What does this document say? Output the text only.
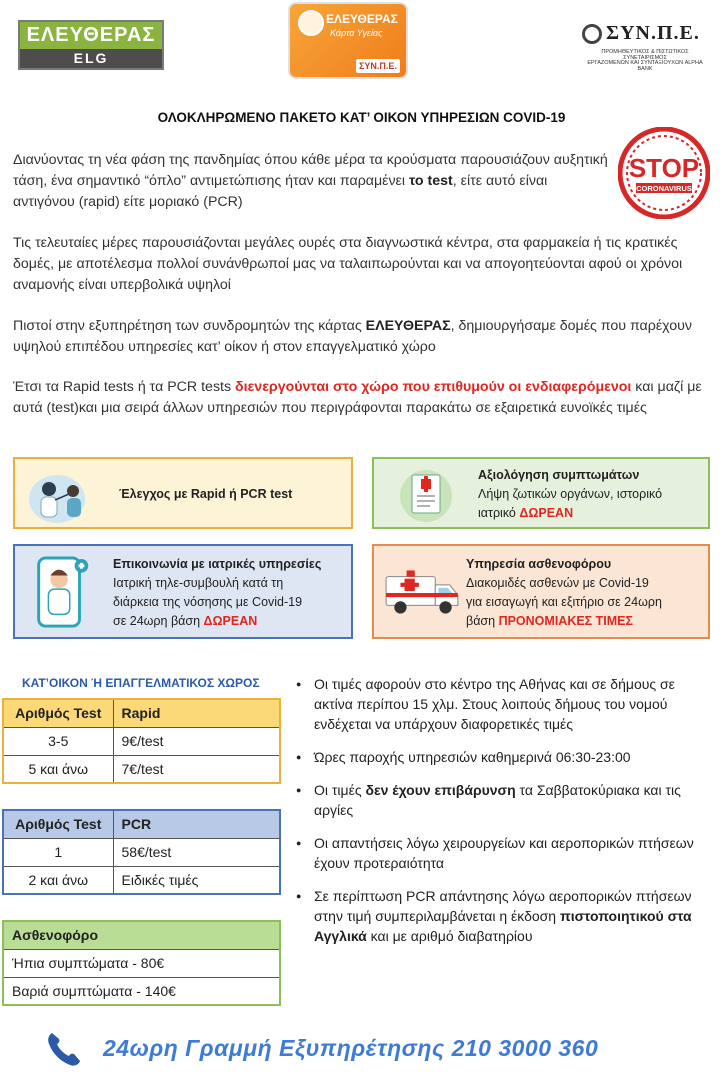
ΕΛΕΥΘΕΡΑΣ
ELG
ΕΛΕΥΘΕΡΑΣ
Κάρτα Υγείας
ΣΥΝ.Π.Ε.
ΣΥΝ.Π.Ε.
ΠΡΟΜΗΘΕΥΤΙΚΟΣ & ΠΙΣΤΩΤΙΚΟΣ ΣΥΝΕΤΑΙΡΙΣΜΟΣ
ΕΡΓΑΖΟΜΕΝΩΝ ΚΑΙ ΣΥΝΤΑΞΙΟΥΧΩΝ ALPHA BANK
ΟΛΟΚΛΗΡΩΜΕΝΟ ΠΑΚΕΤΟ ΚΑΤ’ ΟΙΚΟΝ ΥΠΗΡΕΣΙΩΝ COVID-19
STOP
CORONAVIRUS
Διανύοντας τη νέα φάση της πανδημίας όπου κάθε μέρα τα κρούσματα παρουσιάζουν αυξητική τάση, ένα σημαντικό “όπλο” αντιμετώπισης ήταν και παραμένει το test, είτε αυτό είναι αντιγόνου (rapid) είτε μοριακό (PCR)
Τις τελευταίες μέρες παρουσιάζονται μεγάλες ουρές στα διαγνωστικά κέντρα, στα φαρμακεία ή τις κρατικές δομές, με αποτέλεσμα πολλοί συνάνθρωποί μας να ταλαιπωρούνται και να απογοητεύονται αφού οι χρόνοι αναμονής είναι υπερβολικά υψηλοί
Πιστοί στην εξυπηρέτηση των συνδρομητών της κάρτας ΕΛΕΥΘΕΡΑΣ, δημιουργήσαμε δομές που παρέχουν υψηλού επιπέδου υπηρεσίες κατ’ οίκον ή στον επαγγελματικό χώρο
Έτσι τα Rapid tests ή τα PCR tests διενεργούνται στο χώρο που επιθυμούν οι ενδιαφερόμενοι και μαζί με αυτά (test)και μια σειρά άλλων υπηρεσιών που περιγράφονται παρακάτω σε εξαιρετικά ευνοϊκές τιμές
Έλεγχος με Rapid ή PCR test
Αξιολόγηση συμπτωμάτων
Λήψη ζωτικών οργάνων, ιστορικό
ιατρικό ΔΩΡΕΑΝ
Επικοινωνία με ιατρικές υπηρεσίες
Ιατρική τηλε-συμβουλή κατά τη
διάρκεια της νόσησης με Covid-19
σε 24ωρη βάση ΔΩΡΕΑΝ
Υπηρεσία ασθενοφόρου
Διακομιδές ασθενών με Covid-19
για εισαγωγή και εξιτήριο σε 24ωρη
βάση ΠΡΟΝΟΜΙΑΚΕΣ ΤΙΜΕΣ
ΚΑΤ’ΟΙΚΟΝ Ή ΕΠΑΓΓΕΛΜΑΤΙΚΟΣ ΧΩΡΟΣ
Αριθμός Test	Rapid
3-5	9€/test
5 και άνω	7€/test
Αριθμός Test	PCR
1	58€/test
2 και άνω	Ειδικές τιμές
Ασθενοφόρο
Ήπια συμπτώματα - 80€
Βαριά συμπτώματα - 140€
● Οι τιμές αφορούν στο κέντρο της Αθήνας και σε δήμους σε ακτίνα περίπου 15 χλμ. Στους λοιπούς δήμους του νομού ενδέχεται να υπάρχουν διαφορετικές τιμές
● Ώρες παροχής υπηρεσιών καθημερινά 06:30-23:00
● Οι τιμές δεν έχουν επιβάρυνση τα Σαββατοκύριακα και τις αργίες
● Οι απαντήσεις λόγω χειρουργείων και αεροπορικών πτήσεων έχουν προτεραιότητα
● Σε περίπτωση PCR απάντησης λόγω αεροπορικών πτήσεων στην τιμή συμπεριλαμβάνεται η έκδοση πιστοποιητικού στα Αγγλικά και με αριθμό διαβατηρίου
24ωρη Γραμμή Εξυπηρέτησης 210 3000 360
